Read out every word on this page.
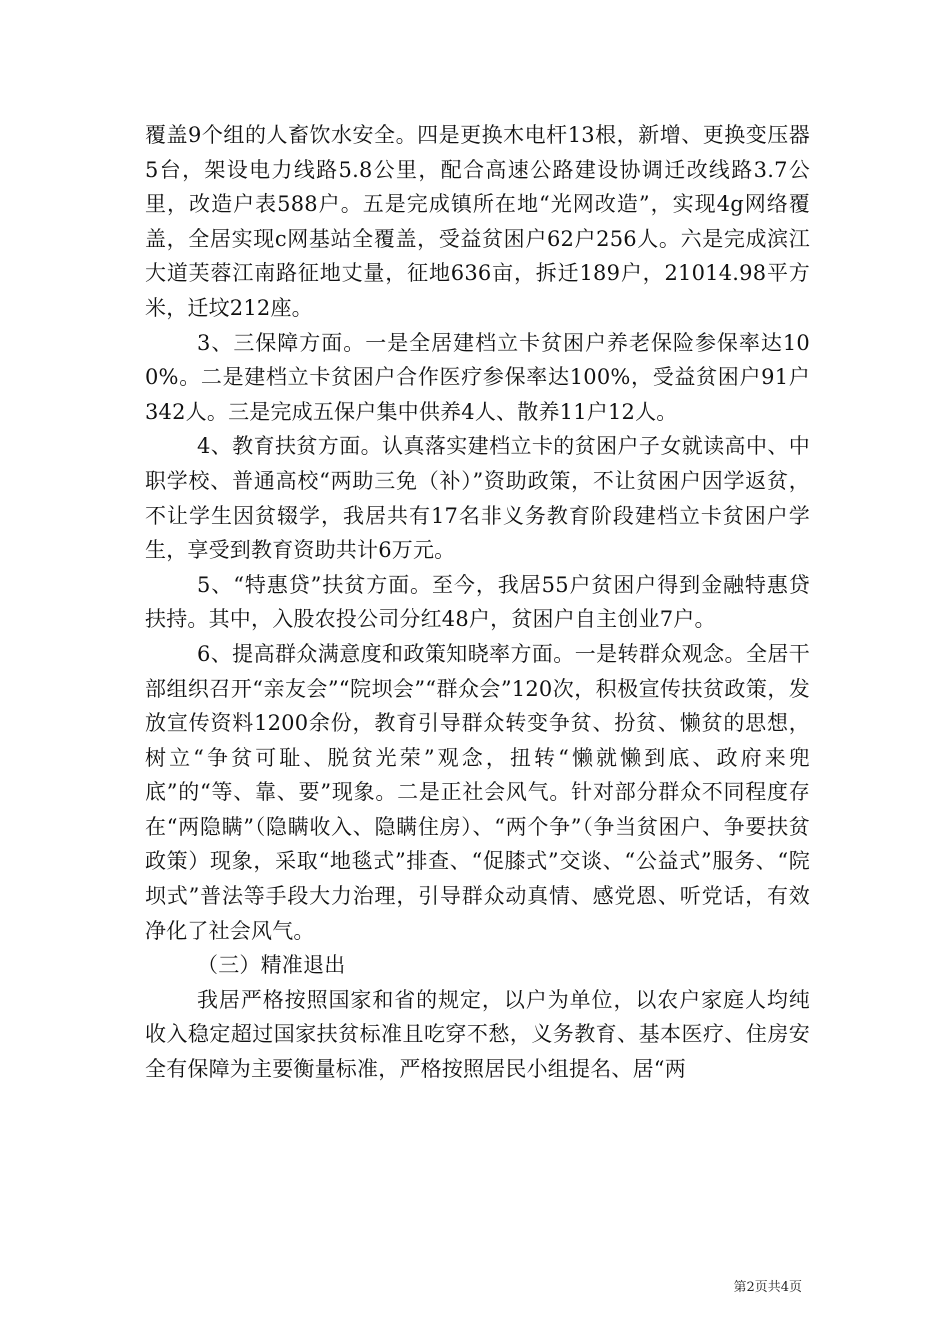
覆盖9个组的人畜饮水安全。四是更换木电杆13根，新增、更换变压器5台，架设电力线路5.8公里，配合高速公路建设协调迁改线路3.7公里，改造户表588户。五是完成镇所在地“光网改造”，实现4g网络覆盖，全居实现c网基站全覆盖，受益贫困户62户256人。六是完成滨江大道芙蓉江南路征地丈量，征地636亩，拆迁189户，21014.98平方米，迁坟212座。

3、三保障方面。一是全居建档立卡贫困户养老保险参保率达100%。二是建档立卡贫困户合作医疗参保率达100%，受益贫困户91户342人。三是完成五保户集中供养4人、散养11户12人。

4、教育扶贫方面。认真落实建档立卡的贫困户子女就读高中、中职学校、普通高校“两助三免（补）”资助政策，不让贫困户因学返贫，不让学生因贫辍学，我居共有17名非义务教育阶段建档立卡贫困户学生，享受到教育资助共计6万元。

5、“特惠贷”扶贫方面。至今，我居55户贫困户得到金融特惠贷扶持。其中，入股农投公司分红48户，贫困户自主创业7户。

6、提高群众满意度和政策知晓率方面。一是转群众观念。全居干部组织召开“亲友会”“院坝会”“群众会”120次，积极宣传扶贫政策，发放宣传资料1200余份，教育引导群众转变争贫、扮贫、懒贫的思想，树立“争贫可耻、脱贫光荣”观念，扭转“懒就懒到底、政府来兜底”的“等、靠、要”现象。二是正社会风气。针对部分群众不同程度存在“两隐瞒”（隐瞒收入、隐瞒住房）、“两个争”（争当贫困户、争要扶贫政策）现象，采取“地毯式”排查、“促膝式”交谈、“公益式”服务、“院坝式”普法等手段大力治理，引导群众动真情、感党恩、听党话，有效净化了社会风气。

（三）精准退出

我居严格按照国家和省的规定，以户为单位，以农户家庭人均纯收入稳定超过国家扶贫标准且吃穿不愁，义务教育、基本医疗、住房安全有保障为主要衡量标准，严格按照居民小组提名、居“两

第2页共4页
